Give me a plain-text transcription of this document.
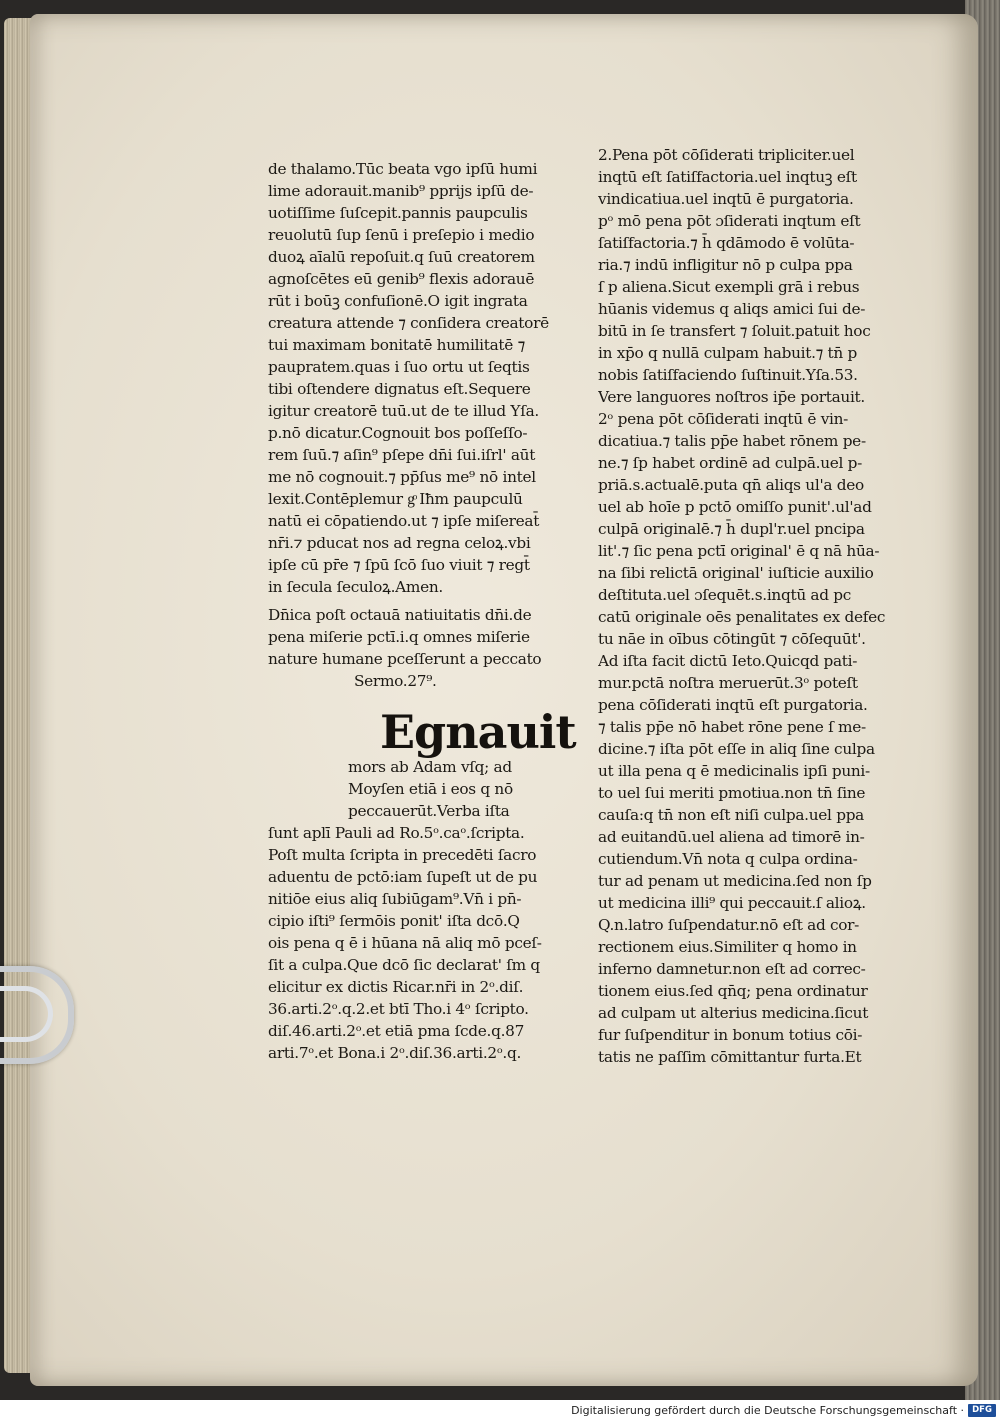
de thalamo.Tūc beata vgo ipſū humi
lime adorauit.manib⁹ pprijs ipſū de-
uotiſſime ſuſcepit.pannis paupculis
reuolutū ſup ſenū i preſepio i medio
duoꝝ aīalū repoſuit.q ſuū creatorem
agnoſcētes eū genib⁹ flexis adorauē
rūt i boūꝫ confuſionē.O igit ingrata
creatura attende ⁊ conſidera creatorē
tui maximam bonitatē humilitatē ⁊
paupratem.quas i ſuo ortu ut ſeqtis
tibi oſtendere dignatus eſt.Sequere
igitur creatorē tuū.ut de te illud Yſa.
p.nō dicatur.Cognouit bos poſſeſſo-
rem ſuū.⁊ aſin⁹ pſepe dn̄i ſui.iſrl' aūt
me nō cognouit.⁊ pp̄ſus me⁹ nō intel
lexit.Contēplemur gͦ Iħm paupculū
natū ei cōpatiendo.ut ⁊ ipſe miſereat̄
nr̄i.⁊ pducat nos ad regna celoꝝ.vbi
ipſe cū pr̄e ⁊ ſpū ſcō ſuo viuit ⁊ regt̄
in ſecula ſeculoꝝ.Amen.
Dn̄ica poſt octauā natiuitatis dn̄i.de
pena miſerie pctī.i.q omnes miſerie
nature humane pceſſerunt a peccato
Sermo.27⁹.
Egnauit
mors ab Adam vſq; ad
Moyſen etiā i eos q nō
peccauerūt.Verba iſta
ſunt aplī Pauli ad Ro.5ᵒ.caᵒ.ſcripta.
Poſt multa ſcripta in precedēti ſacro
aduentu de pctō:iam ſupeſt ut de pu
nitiōe eius aliq ſubiūgam⁹.Vn̄ i pn̄-
cipio iſti⁹ ſermōis ponit' iſta dcō.Q
ois pena q ē i hūana nā aliq mō pceſ-
ſit a culpa.Que dcō ſic declarat' ſm q
elicitur ex dictis Ricar.nr̄i in 2ᵒ.diſ.
36.arti.2ᵒ.q.2.et btī Tho.i 4ᵒ ſcripto.
diſ.46.arti.2ᵒ.et etiā pma ſcde.q.87
arti.7ᵒ.et Bona.i 2ᵒ.diſ.36.arti.2ᵒ.q.
2.Pena pōt cōſiderati tripliciter.uel
inqtū eſt ſatiſfactoria.uel inqtuꝫ eſt
vindicatiua.uel inqtū ē purgatoria.
pᵒ mō pena pōt ɔſiderati inqtum eſt
ſatiſfactoria.⁊ h̄ qdāmodo ē volūta-
ria.⁊ indū infligitur nō p culpa ppa
ſ p aliena.Sicut exempli grā i rebus
hūanis videmus q aliqs amici ſui de-
bitū in ſe transfert ⁊ ſoluit.patuit hoc
in xp̄o q nullā culpam habuit.⁊ tn̄ p
nobis ſatiſfaciendo ſuſtinuit.Yſa.53.
Vere languores noſtros ip̄e portauit.
2ᵒ pena pōt cōſiderati inqtū ē vin-
dicatiua.⁊ talis pp̄e habet rōnem pe-
ne.⁊ ſp habet ordinē ad culpā.uel p-
priā.s.actualē.puta qn̄ aliqs ul'a deo
uel ab hoīe p pctō omiſſo punit'.ul'ad
culpā originalē.⁊ h̄ dupl'r.uel pncipa
lit'.⁊ ſic pena pctī original' ē q nā hūa-
na ſibi relictā original' iuſticie auxilio
deſtituta.uel ɔſequēt.s.inqtū ad pc
catū originale oēs penalitates ex defec
tu nāe in oībus cōtingūt ⁊ cōſequūt'.
Ad iſta facit dictū Ieto.Quicqd pati-
mur.pctā noſtra meruerūt.3ᵒ poteſt
pena cōſiderati inqtū eſt purgatoria.
⁊ talis pp̄e nō habet rōne pene ſ me-
dicine.⁊ iſta pōt eſſe in aliq ſine culpa
ut illa pena q ē medicinalis ipſi puni-
to uel ſui meriti pmotiua.non tn̄ ſine
cauſa:q tn̄ non eſt niſi culpa.uel ppa
ad euitandū.uel aliena ad timorē in-
cutiendum.Vn̄ nota q culpa ordina-
tur ad penam ut medicina.ſed non ſp
ut medicina illi⁹ qui peccauit.ſ alioꝝ.
Q.n.latro ſuſpendatur.nō eſt ad cor-
rectionem eius.Similiter q homo in
inferno damnetur.non eſt ad correc-
tionem eius.ſed qn̄q; pena ordinatur
ad culpam ut alterius medicina.ſicut
fur ſuſpenditur in bonum totius cōi-
tatis ne paſſim cōmittantur furta.Et
Digitalisierung gefördert durch die Deutsche Forschungsgemeinschaft · DFG
